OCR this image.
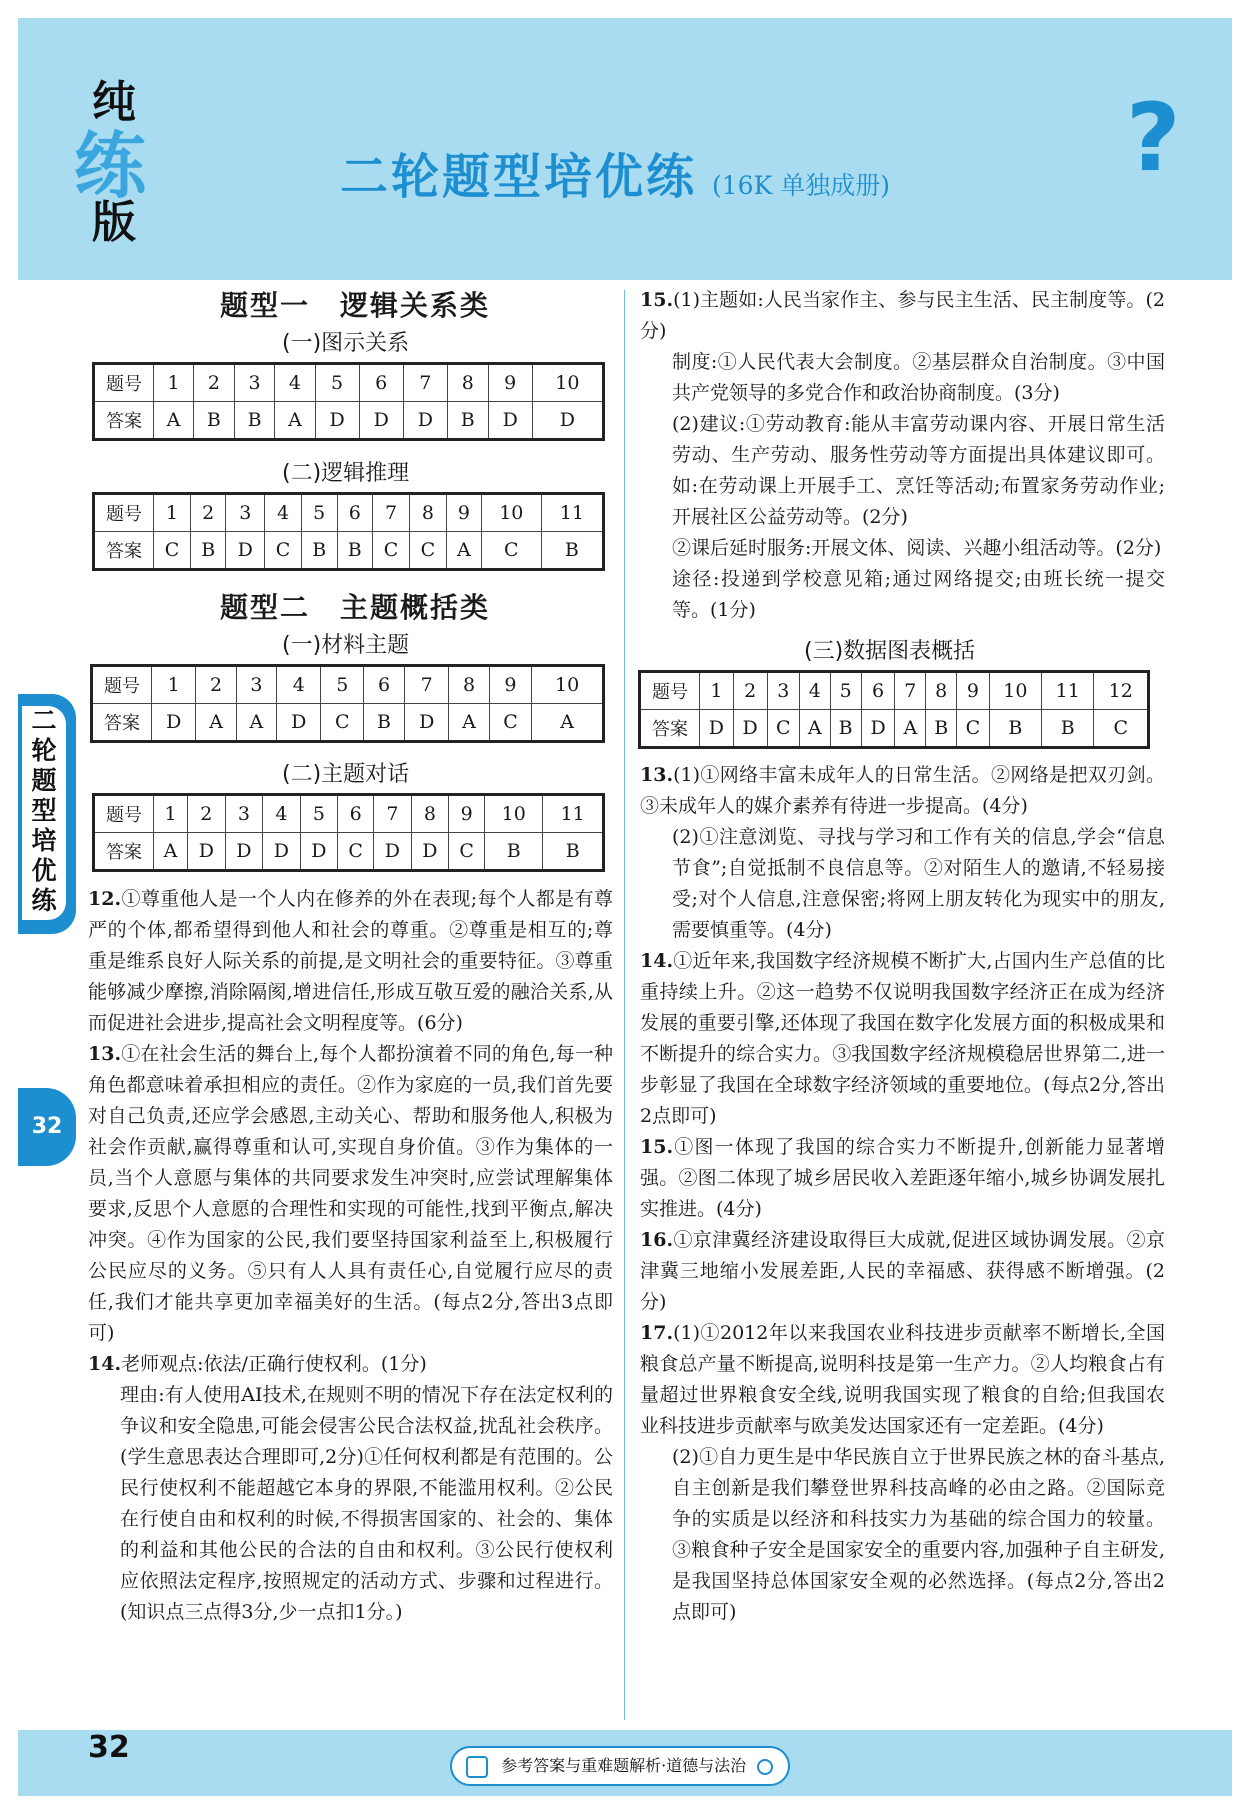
纯
练
版
二轮题型培优练 (16K 单独成册)	?
二
轮
题
型
培
优
练
32
题型一　逻辑关系类
(一)图示关系
题号	1	2	3	4	5	6	7	8	9	10
答案	A	B	B	A	D	D	D	B	D	D
(二)逻辑推理
题号	1	2	3	4	5	6	7	8	9	10	11
答案	C	B	D	C	B	B	C	C	A	C	B
题型二　主题概括类
(一)材料主题
题号	1	2	3	4	5	6	7	8	9	10
答案	D	A	A	D	C	B	D	A	C	A
(二)主题对话
题号	1	2	3	4	5	6	7	8	9	10	11
答案	A	D	D	D	D	C	D	D	C	B	B

12.①尊重他人是一个人内在修养的外在表现;每个人都是有尊严的个体,都希望得到他人和社会的尊重。②尊重是相互的;尊重是维系良好人际关系的前提,是文明社会的重要特征。③尊重能够减少摩擦,消除隔阂,增进信任,形成互敬互爱的融洽关系,从而促进社会进步,提高社会文明程度等。(6分)

13.①在社会生活的舞台上,每个人都扮演着不同的角色,每一种角色都意味着承担相应的责任。②作为家庭的一员,我们首先要对自己负责,还应学会感恩,主动关心、帮助和服务他人,积极为社会作贡献,赢得尊重和认可,实现自身价值。③作为集体的一员,当个人意愿与集体的共同要求发生冲突时,应尝试理解集体要求,反思个人意愿的合理性和实现的可能性,找到平衡点,解决冲突。④作为国家的公民,我们要坚持国家利益至上,积极履行公民应尽的义务。⑤只有人人具有责任心,自觉履行应尽的责任,我们才能共享更加幸福美好的生活。(每点2分,答出3点即可)

14.老师观点:依法/正确行使权利。(1分)

理由:有人使用AI技术,在规则不明的情况下存在法定权利的争议和安全隐患,可能会侵害公民合法权益,扰乱社会秩序。(学生意思表达合理即可,2分)①任何权利都是有范围的。公民行使权利不能超越它本身的界限,不能滥用权利。②公民在行使自由和权利的时候,不得损害国家的、社会的、集体的利益和其他公民的合法的自由和权利。③公民行使权利应依照法定程序,按照规定的活动方式、步骤和过程进行。(知识点三点得3分,少一点扣1分。)

15.(1)主题如:人民当家作主、参与民主生活、民主制度等。(2分)

制度:①人民代表大会制度。②基层群众自治制度。③中国共产党领导的多党合作和政治协商制度。(3分)

(2)建议:①劳动教育:能从丰富劳动课内容、开展日常生活劳动、生产劳动、服务性劳动等方面提出具体建议即可。如:在劳动课上开展手工、烹饪等活动;布置家务劳动作业;开展社区公益劳动等。(2分)

②课后延时服务:开展文体、阅读、兴趣小组活动等。(2分)

途径:投递到学校意见箱;通过网络提交;由班长统一提交等。(1分)

(三)数据图表概括
题号	1	2	3	4	5	6	7	8	9	10	11	12
答案	D	D	C	A	B	D	A	B	C	B	B	C

13.(1)①网络丰富未成年人的日常生活。②网络是把双刃剑。③未成年人的媒介素养有待进一步提高。(4分)

(2)①注意浏览、寻找与学习和工作有关的信息,学会“信息节食”;自觉抵制不良信息等。②对陌生人的邀请,不轻易接受;对个人信息,注意保密;将网上朋友转化为现实中的朋友,需要慎重等。(4分)

14.①近年来,我国数字经济规模不断扩大,占国内生产总值的比重持续上升。②这一趋势不仅说明我国数字经济正在成为经济发展的重要引擎,还体现了我国在数字化发展方面的积极成果和不断提升的综合实力。③我国数字经济规模稳居世界第二,进一步彰显了我国在全球数字经济领域的重要地位。(每点2分,答出2点即可)

15.①图一体现了我国的综合实力不断提升,创新能力显著增强。②图二体现了城乡居民收入差距逐年缩小,城乡协调发展扎实推进。(4分)

16.①京津冀经济建设取得巨大成就,促进区域协调发展。②京津冀三地缩小发展差距,人民的幸福感、获得感不断增强。(2分)

17.(1)①2012年以来我国农业科技进步贡献率不断增长,全国粮食总产量不断提高,说明科技是第一生产力。②人均粮食占有量超过世界粮食安全线,说明我国实现了粮食的自给;但我国农业科技进步贡献率与欧美发达国家还有一定差距。(4分)

(2)①自力更生是中华民族自立于世界民族之林的奋斗基点,自主创新是我们攀登世界科技高峰的必由之路。②国际竞争的实质是以经济和科技实力为基础的综合国力的较量。③粮食种子安全是国家安全的重要内容,加强种子自主研发,是我国坚持总体国家安全观的必然选择。(每点2分,答出2点即可)

32
参考答案与重难题解析·道德与法治
